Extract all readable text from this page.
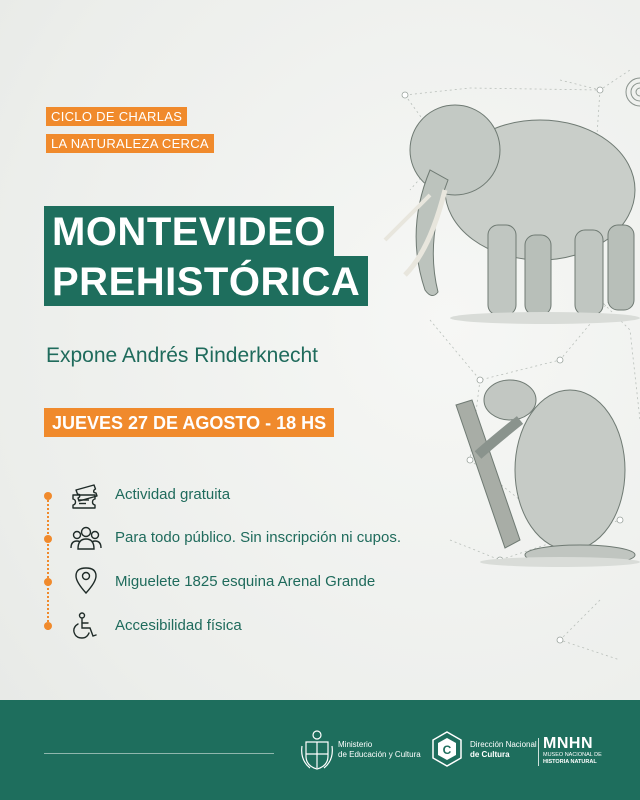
CICLO DE CHARLAS
LA NATURALEZA CERCA
MONTEVIDEO
PREHISTÓRICA
Expone Andrés Rinderknecht
JUEVES 27 DE AGOSTO - 18 HS
Actividad gratuita
Para todo público. Sin inscripción ni cupos.
Miguelete 1825 esquina Arenal Grande
Accesibilidad física
Ministerio
de Educación y Cultura C Dirección Nacional
de Cultura
MNHN
MUSEO NACIONAL DE
HISTORIA NATURAL
